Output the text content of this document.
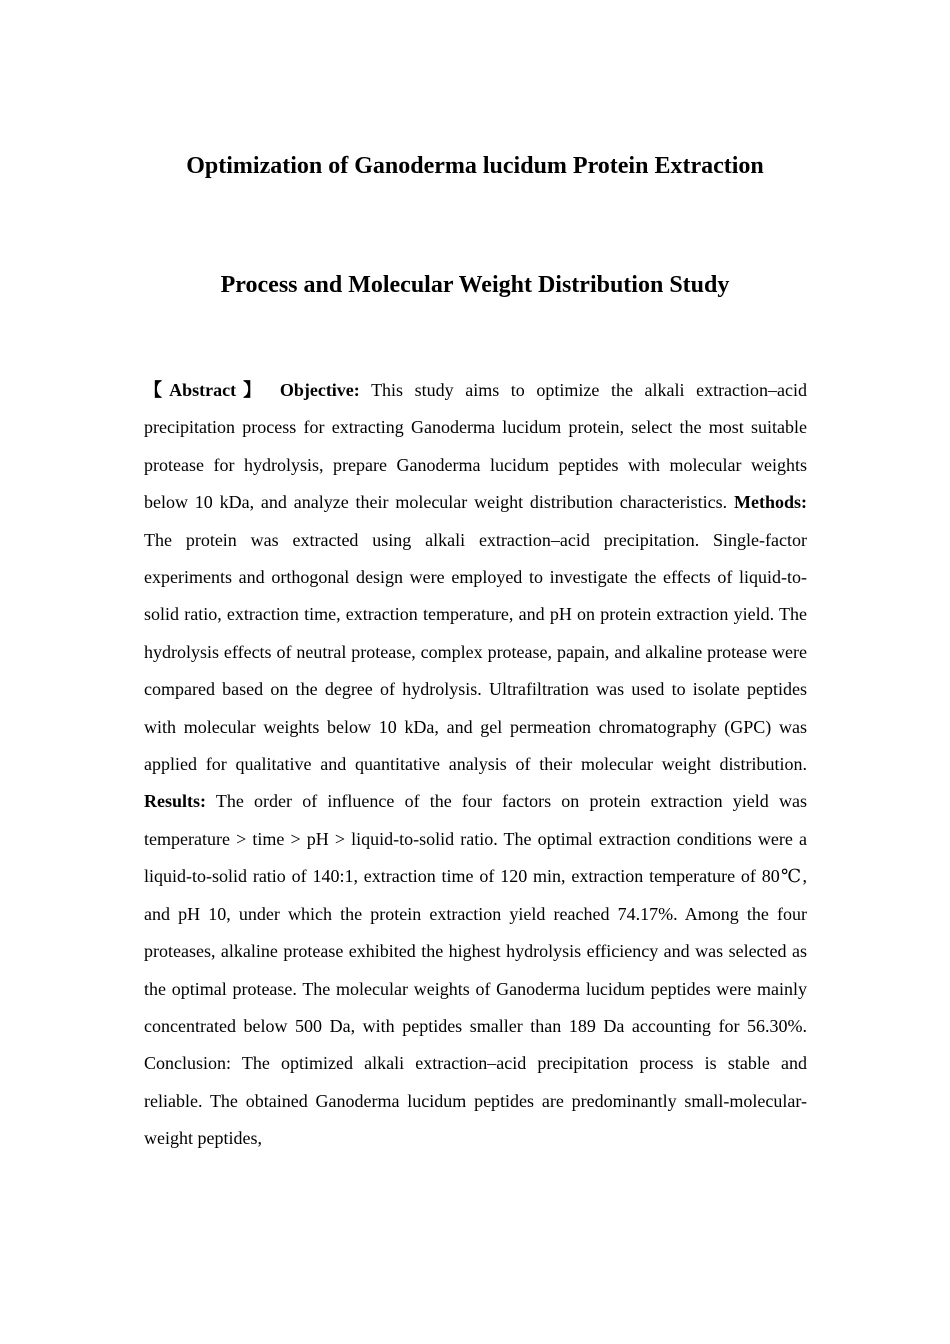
Optimization of Ganoderma lucidum Protein Extraction
Process and Molecular Weight Distribution Study
【Abstract】 Objective: This study aims to optimize the alkali extraction–acid precipitation process for extracting Ganoderma lucidum protein, select the most suitable protease for hydrolysis, prepare Ganoderma lucidum peptides with molecular weights below 10 kDa, and analyze their molecular weight distribution characteristics. Methods: The protein was extracted using alkali extraction–acid precipitation. Single-factor experiments and orthogonal design were employed to investigate the effects of liquid-to-solid ratio, extraction time, extraction temperature, and pH on protein extraction yield. The hydrolysis effects of neutral protease, complex protease, papain, and alkaline protease were compared based on the degree of hydrolysis. Ultrafiltration was used to isolate peptides with molecular weights below 10 kDa, and gel permeation chromatography (GPC) was applied for qualitative and quantitative analysis of their molecular weight distribution. Results: The order of influence of the four factors on protein extraction yield was temperature > time > pH > liquid-to-solid ratio. The optimal extraction conditions were a liquid-to-solid ratio of 140:1, extraction time of 120 min, extraction temperature of 80℃, and pH 10, under which the protein extraction yield reached 74.17%. Among the four proteases, alkaline protease exhibited the highest hydrolysis efficiency and was selected as the optimal protease. The molecular weights of Ganoderma lucidum peptides were mainly concentrated below 500 Da, with peptides smaller than 189 Da accounting for 56.30%. Conclusion: The optimized alkali extraction–acid precipitation process is stable and reliable. The obtained Ganoderma lucidum peptides are predominantly small-molecular-weight peptides,
